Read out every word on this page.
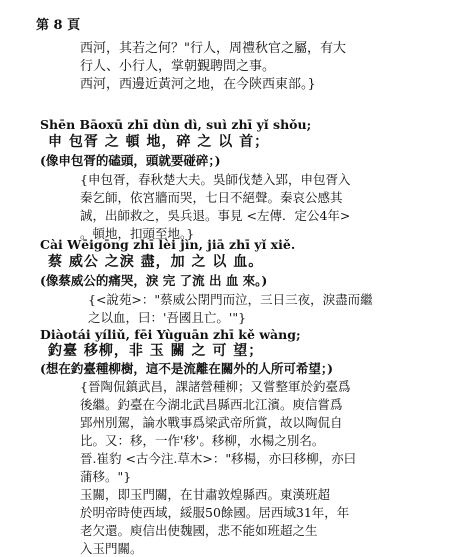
第 8 頁
西河，其若之何？"行人，周禮秋官之屬，有大
行人、小行人，掌朝覲聘問之事。
西河，西邊近黃河之地，在今陝西東部。}
Shēn Bāoxū zhī dùn dì, suì zhī yǐ shǒu;
申 包胥 之 頓 地，碎 之 以 首；
(像申包胥的磕頭，頭就要碰碎；)
{申包胥，春秋楚大夫。吳師伐楚入郢，申包胥入
秦乞師，依宮牆而哭，七日不絕聲。秦哀公感其
誠，出師救之，吳兵退。事見 <左傳．定公4年>
。頓地，扣頭至地。}
Cài Wēigōng zhī lèi jìn, jiā zhī yǐ xiě.
蔡 威公 之淚 盡，加 之 以 血。
(像蔡威公的痛哭，淚 完 了流 出 血 來。)
{<說苑>："蔡威公閉門而泣，三日三夜，淚盡而繼
之以血，曰：'吾國且亡。'"}
Diàotái yíliǔ, fēi Yùguān zhī kě wàng;
釣臺 移柳，非 玉 關 之 可 望；
(想在釣臺種柳樹，這不是流離在關外的人所可希望；)
{晉陶侃鎮武昌，課諸營種柳；又嘗整軍於釣臺爲
後繼。釣臺在今湖北武昌縣西北江濱。庾信嘗爲
郢州別駕，論水戰事爲梁武帝所賞，故以陶侃自
比。又：移，一作'移'。移柳，水楊之別名。
晉.崔豹 <古今注.草木>："移楊，亦曰移柳，亦曰
蒲移。"}
玉關，即玉門關，在甘肅敦煌縣西。東漢班超
於明帝時使西域，綏服50餘國。居西域31年，年
老欠還。庾信出使魏國，悲不能如班超之生
入玉門關。
